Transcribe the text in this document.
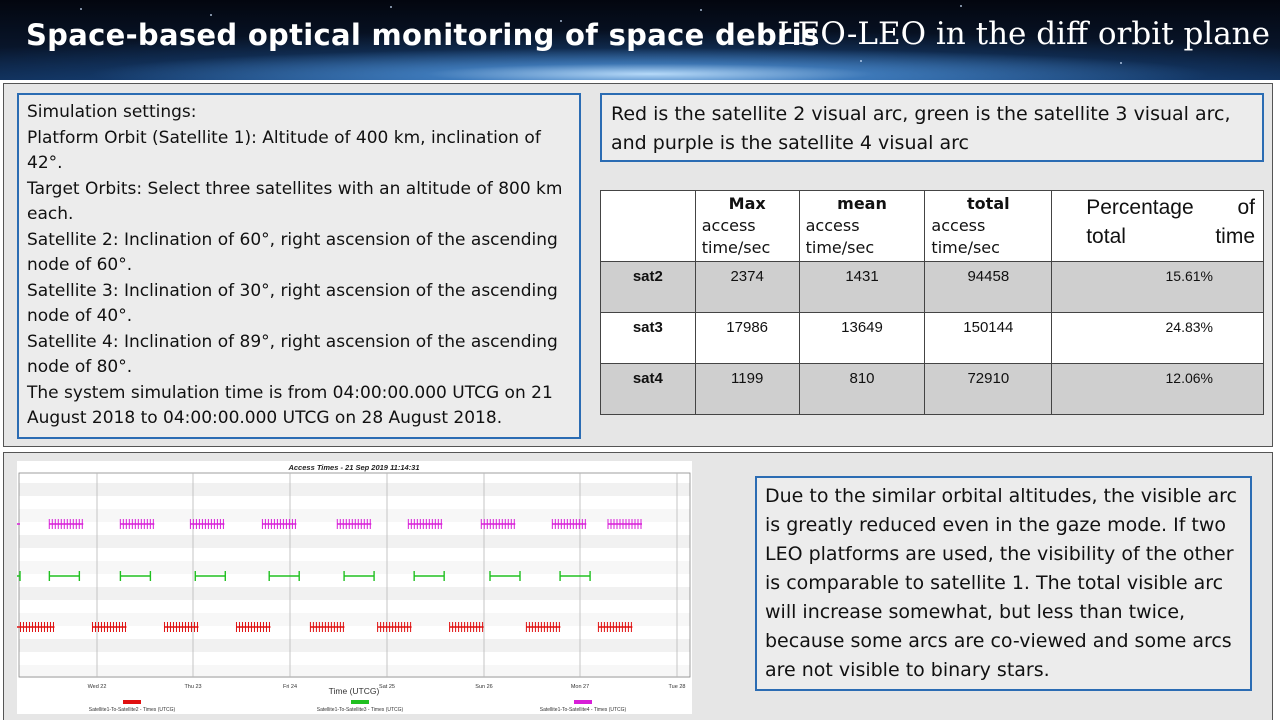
Space-based optical monitoring of space debris
LEO-LEO in the diff orbit plane
Simulation settings:
Platform Orbit (Satellite 1): Altitude of 400 km, inclination of 42°.
Target Orbits: Select three satellites with an altitude of 800 km each.
Satellite 2: Inclination of 60°, right ascension of the ascending node of 60°.
Satellite 3: Inclination of 30°, right ascension of the ascending node of 40°.
Satellite 4: Inclination of 89°, right ascension of the ascending node of 80°.
The system simulation time is from 04:00:00.000 UTCG on 21 August 2018 to 04:00:00.000 UTCG on 28 August 2018.
Red is the satellite 2 visual arc, green is the satellite 3 visual arc, and purple is the satellite 4 visual arc

	Max
access
time/sec	mean
access
time/sec	total
access
time/sec	Percentage of total time
sat2	2374	1431	94458	15.61%
sat3	17986	13649	150144	24.83%
sat4	1199	810	72910	12.06%
Access Times - 21 Sep 2019 11:14:31
Wed 22	Thu 23	Fri 24	Sat 25	Sun 26	Mon 27	Tue 28
Time (UTCG)
Satellite1-To-Satellite2 - Times (UTCG)	Satellite1-To-Satellite3 - Times (UTCG)	Satellite1-To-Satellite4 - Times (UTCG)
Due to the similar orbital altitudes, the visible arc is greatly reduced even in the gaze mode. If two LEO platforms are used, the visibility of the other is comparable to satellite 1. The total visible arc will increase somewhat, but less than twice, because some arcs are co-viewed and some arcs are not visible to binary stars.
